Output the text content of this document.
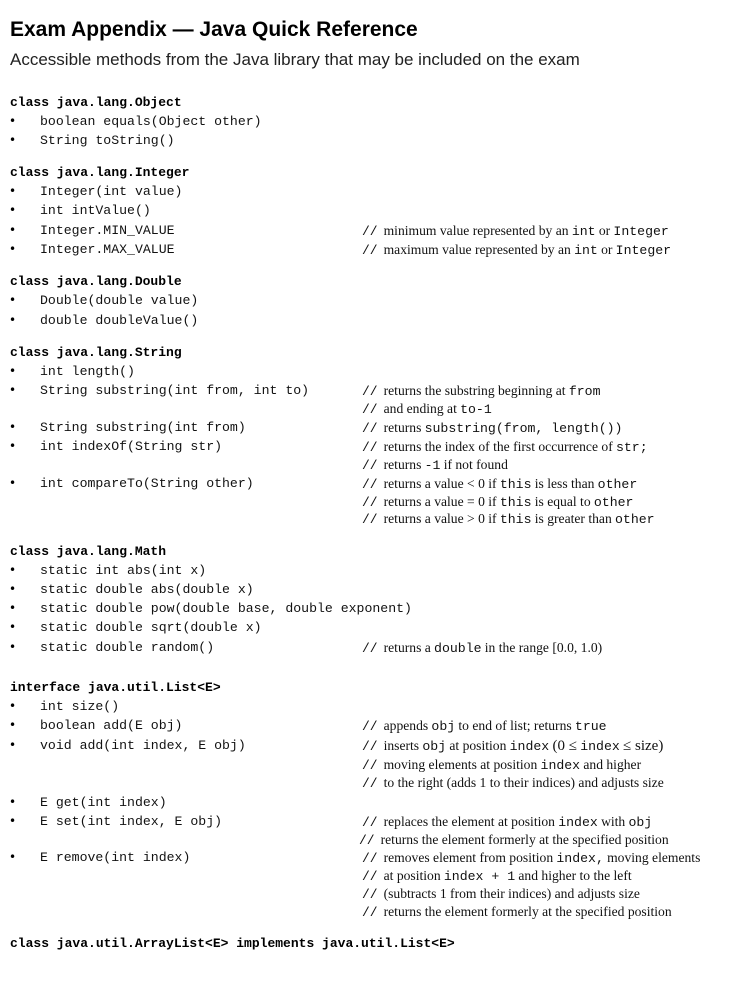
Exam Appendix — Java Quick Reference
Accessible methods from the Java library that may be included on the exam
class java.lang.Object
• boolean equals(Object other)
• String toString()
class java.lang.Integer
• Integer(int value)
• int intValue()
• Integer.MIN_VALUE	// minimum value represented by an int or Integer
• Integer.MAX_VALUE	// maximum value represented by an int or Integer
class java.lang.Double
• Double(double value)
• double doubleValue()
class java.lang.String
• int length()
• String substring(int from, int to)	// returns the substring beginning at from
// and ending at to-1
• String substring(int from)	// returns substring(from, length())
• int indexOf(String str)	// returns the index of the first occurrence of str;
// returns -1 if not found
• int compareTo(String other)	// returns a value < 0 if this is less than other
// returns a value = 0 if this is equal to other
// returns a value > 0 if this is greater than other
class java.lang.Math
• static int abs(int x)
• static double abs(double x)
• static double pow(double base, double exponent)
• static double sqrt(double x)
• static double random()	// returns a double in the range [0.0, 1.0)
interface java.util.List<E>
• int size()
• boolean add(E obj)	// appends obj to end of list; returns true
• void add(int index, E obj)	// inserts obj at position index (0 ≤ index ≤ size)
// moving elements at position index and higher
// to the right (adds 1 to their indices) and adjusts size
• E get(int index)
• E set(int index, E obj)	// replaces the element at position index with obj
// returns the element formerly at the specified position
• E remove(int index)	// removes element from position index, moving elements
// at position index + 1 and higher to the left
// (subtracts 1 from their indices) and adjusts size
// returns the element formerly at the specified position
class java.util.ArrayList<E> implements java.util.List<E>
